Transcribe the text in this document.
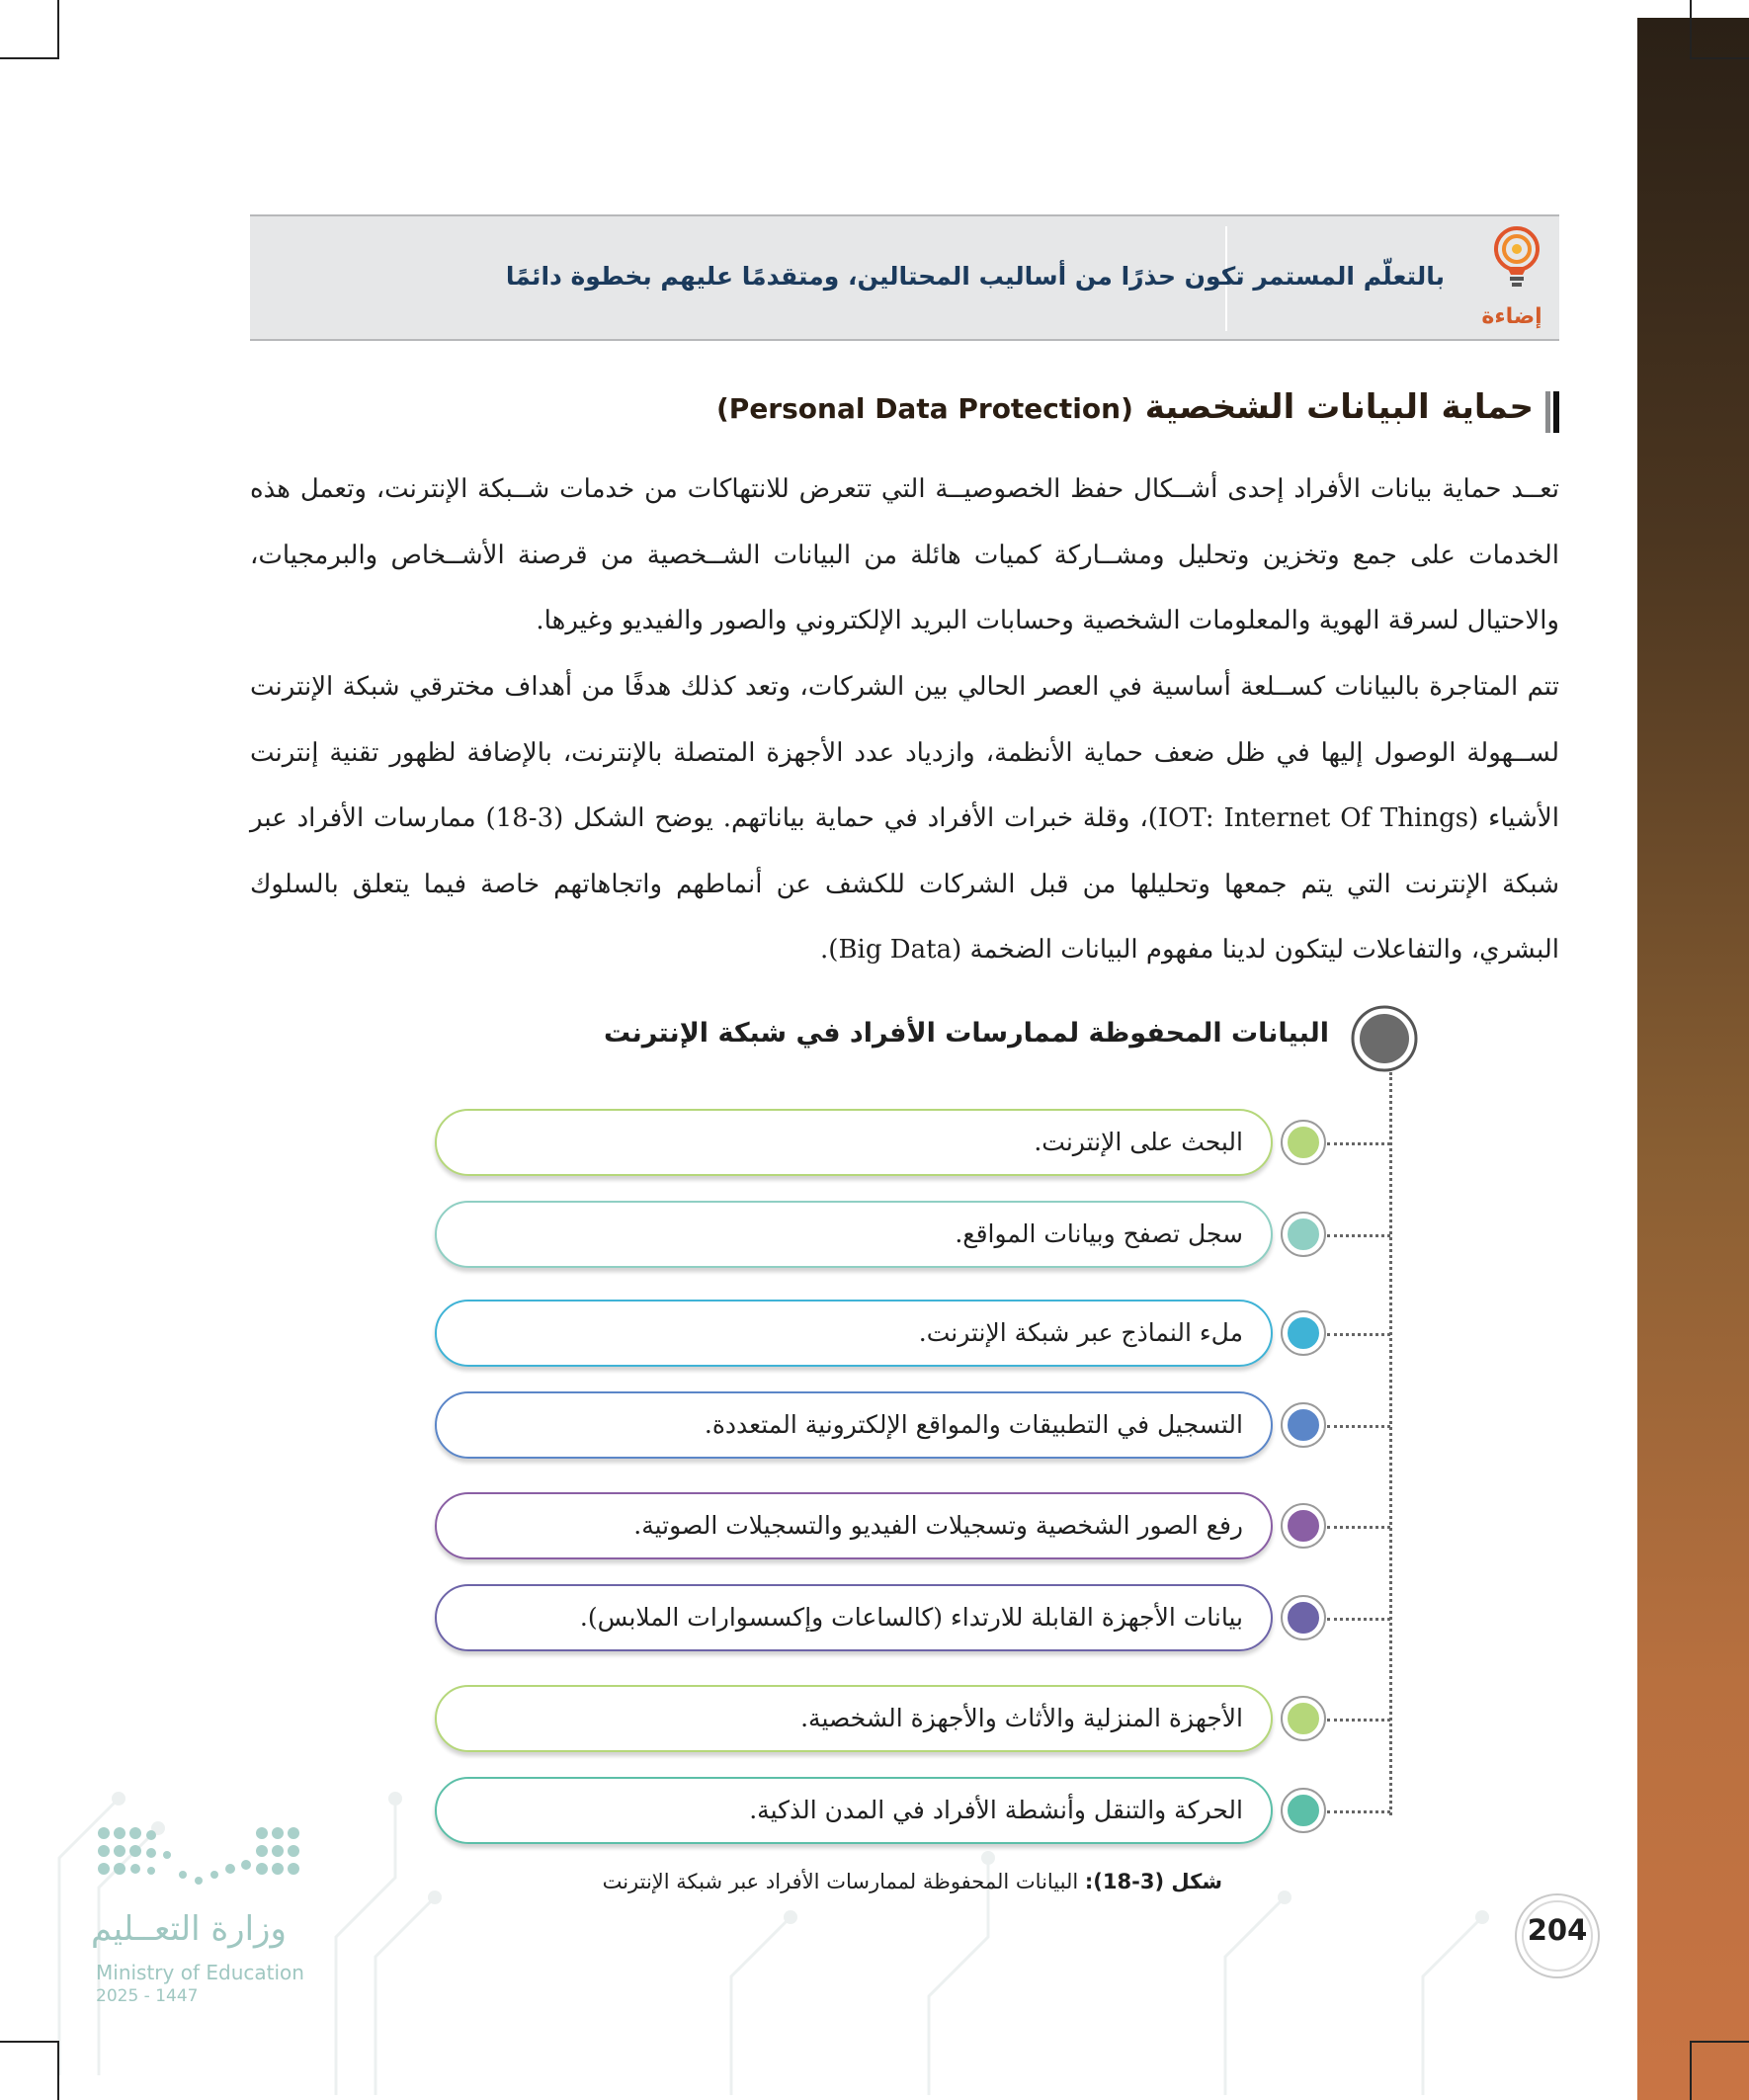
إضاءة
بالتعلّم المستمر تكون حذرًا من أساليب المحتالين، ومتقدمًا عليهم بخطوة دائمًا
حماية البيانات الشخصية (Personal Data Protection)
تعــد حماية بيانات الأفراد إحدى أشــكال حفظ الخصوصيــة التي تتعرض للانتهاكات من خدمات شــبكة الإنترنت، وتعمل هذه الخدمات على جمع وتخزين وتحليل ومشــاركة كميات هائلة من البيانات الشــخصية من قرصنة الأشــخاص والبرمجيات، والاحتيال لسرقة الهوية والمعلومات الشخصية وحسابات البريد الإلكتروني والصور والفيديو وغيرها.
تتم المتاجرة بالبيانات كســلعة أساسية في العصر الحالي بين الشركات، وتعد كذلك هدفًا من أهداف مخترقي شبكة الإنترنت لســهولة الوصول إليها في ظل ضعف حماية الأنظمة، وازدياد عدد الأجهزة المتصلة بالإنترنت، بالإضافة لظهور تقنية إنترنت الأشياء (IOT: Internet Of Things)، وقلة خبرات الأفراد في حماية بياناتهم. يوضح الشكل (3-18) ممارسات الأفراد عبر شبكة الإنترنت التي يتم جمعها وتحليلها من قبل الشركات للكشف عن أنماطهم واتجاهاتهم خاصة فيما يتعلق بالسلوك البشري، والتفاعلات ليتكون لدينا مفهوم البيانات الضخمة (Big Data).
البيانات المحفوظة لممارسات الأفراد في شبكة الإنترنت
البحث على الإنترنت.
سجل تصفح وبيانات المواقع.
ملء النماذج عبر شبكة الإنترنت.
التسجيل في التطبيقات والمواقع الإلكترونية المتعددة.
رفع الصور الشخصية وتسجيلات الفيديو والتسجيلات الصوتية.
بيانات الأجهزة القابلة للارتداء (كالساعات وإكسسوارات الملابس).
الأجهزة المنزلية والأثاث والأجهزة الشخصية.
الحركة والتنقل وأنشطة الأفراد في المدن الذكية.
شكل (3-18): البيانات المحفوظة لممارسات الأفراد عبر شبكة الإنترنت
204
وزارة التعــليم
Ministry of Education
2025 - 1447
